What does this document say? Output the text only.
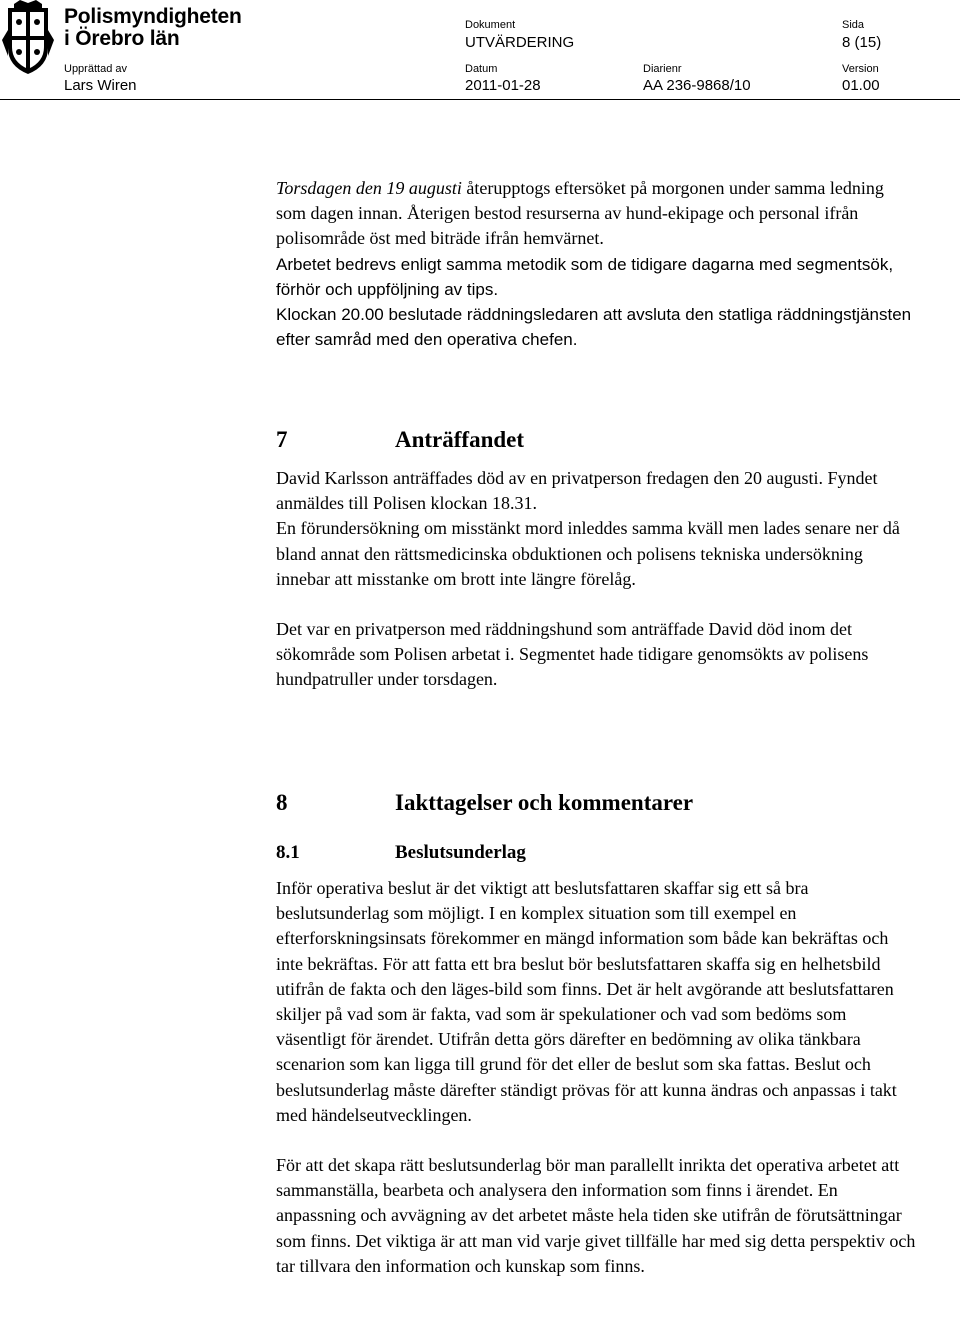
Polismyndigheten
i Örebro län
Dokument
UTVÄRDERING
Sida
8 (15)
Upprättad av
Lars Wiren
Datum
2011-01-28
Diarienr
AA 236-9868/10
Version
01.00

Torsdagen den 19 augusti återupptogs eftersöket på morgonen under samma ledning som dagen innan. Återigen bestod resurserna av hund-ekipage och personal ifrån polisområde öst med biträde ifrån hemvärnet.

Arbetet bedrevs enligt samma metodik som de tidigare dagarna med segmentsök, förhör och uppföljning av tips.

Klockan 20.00 beslutade räddningsledaren att avsluta den statliga räddningstjänsten efter samråd med den operativa chefen.

7	Anträffandet

David Karlsson anträffades död av en privatperson fredagen den 20 augusti. Fyndet anmäldes till Polisen klockan 18.31.

En förundersökning om misstänkt mord inleddes samma kväll men lades senare ner då bland annat den rättsmedicinska obduktionen och polisens tekniska undersökning innebar att misstanke om brott inte längre förelåg.

Det var en privatperson med räddningshund som anträffade David död inom det sökområde som Polisen arbetat i. Segmentet hade tidigare genomsökts av polisens hundpatruller under torsdagen.

8	Iakttagelser och kommentarer
8.1	Beslutsunderlag

Inför operativa beslut är det viktigt att beslutsfattaren skaffar sig ett så bra beslutsunderlag som möjligt. I en komplex situation som till exempel en efterforskningsinsats förekommer en mängd information som både kan bekräftas och inte bekräftas. För att fatta ett bra beslut bör beslutsfattaren skaffa sig en helhetsbild utifrån de fakta och den läges-bild som finns. Det är helt avgörande att beslutsfattaren skiljer på vad som är fakta, vad som är spekulationer och vad som bedöms som väsentligt för ärendet. Utifrån detta görs därefter en bedömning av olika tänkbara scenarion som kan ligga till grund för det eller de beslut som ska fattas. Beslut och beslutsunderlag måste därefter ständigt prövas för att kunna ändras och anpassas i takt med händelseutvecklingen.

För att det skapa rätt beslutsunderlag bör man parallellt inrikta det operativa arbetet att sammanställa, bearbeta och analysera den information som finns i ärendet. En anpassning och avvägning av det arbetet måste hela tiden ske utifrån de förutsättningar som finns. Det viktiga är att man vid varje givet tillfälle har med sig detta perspektiv och tar tillvara den information och kunskap som finns.
